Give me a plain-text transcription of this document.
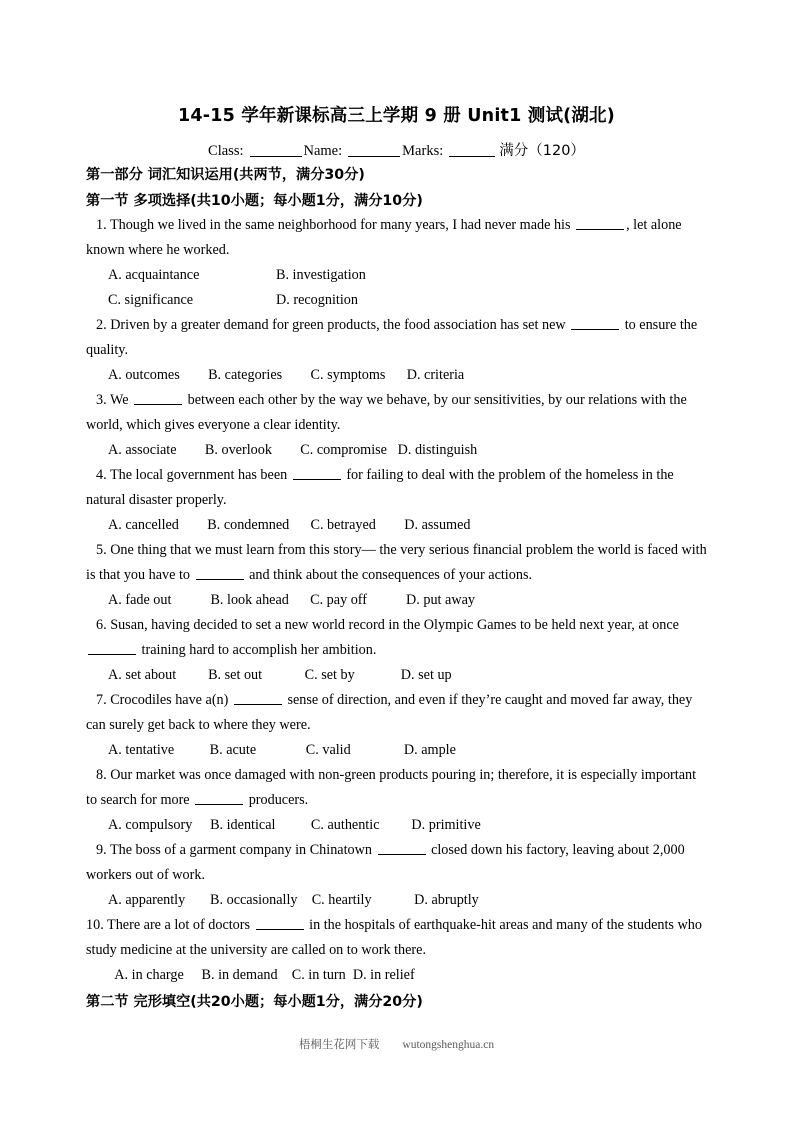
14-15 学年新课标高三上学期 9 册 Unit1 测试(湖北)

Class:	Name:	Marks:	满分（120）

第一部分 词汇知识运用(共两节，满分30分)

第一节 多项选择(共10小题；每小题1分，满分10分)

1. Though we lived in the same neighborhood for many years, I had never made his	, let alone

known where he worked.

A. acquaintance	B. investigation
C. significance	D. recognition

2. Driven by a greater demand for green products, the food association has set new	to ensure the

quality.

A. outcomes        B. categories        C. symptoms      D. criteria

3. We	between each other by the way we behave, by our sensitivities, by our relations with the

world, which gives everyone a clear identity.

A. associate        B. overlook        C. compromise   D. distinguish

4. The local government has been	for failing to deal with the problem of the homeless in the

natural disaster properly.

A. cancelled        B. condemned      C. betrayed        D. assumed

5. One thing that we must learn from this story— the very serious financial problem the world is faced with

is that you have to	and think about the consequences of your actions.

A. fade out           B. look ahead      C. pay off           D. put away

6. Susan, having decided to set a new world record in the Olympic Games to be held next year, at once

training hard to accomplish her ambition.

A. set about         B. set out            C. set by             D. set up

7. Crocodiles have a(n)	sense of direction, and even if they’re caught and moved far away, they

can surely get back to where they were.

A. tentative          B. acute              C. valid               D. ample

8. Our market was once damaged with non-green products pouring in; therefore, it is especially important

to search for more	producers.

A. compulsory     B. identical          C. authentic         D. primitive

9. The boss of a garment company in Chinatown	closed down his factory, leaving about 2,000

workers out of work.

A. apparently       B. occasionally    C. heartily            D. abruptly

10. There are a lot of doctors	in the hospitals of earthquake-hit areas and many of the students who

study medicine at the university are called on to work there.

A. in charge     B. in demand    C. in turn  D. in relief

第二节 完形填空(共20小题；每小题1分，满分20分)

梧桐生花网下载 wutongshenghua.cn
